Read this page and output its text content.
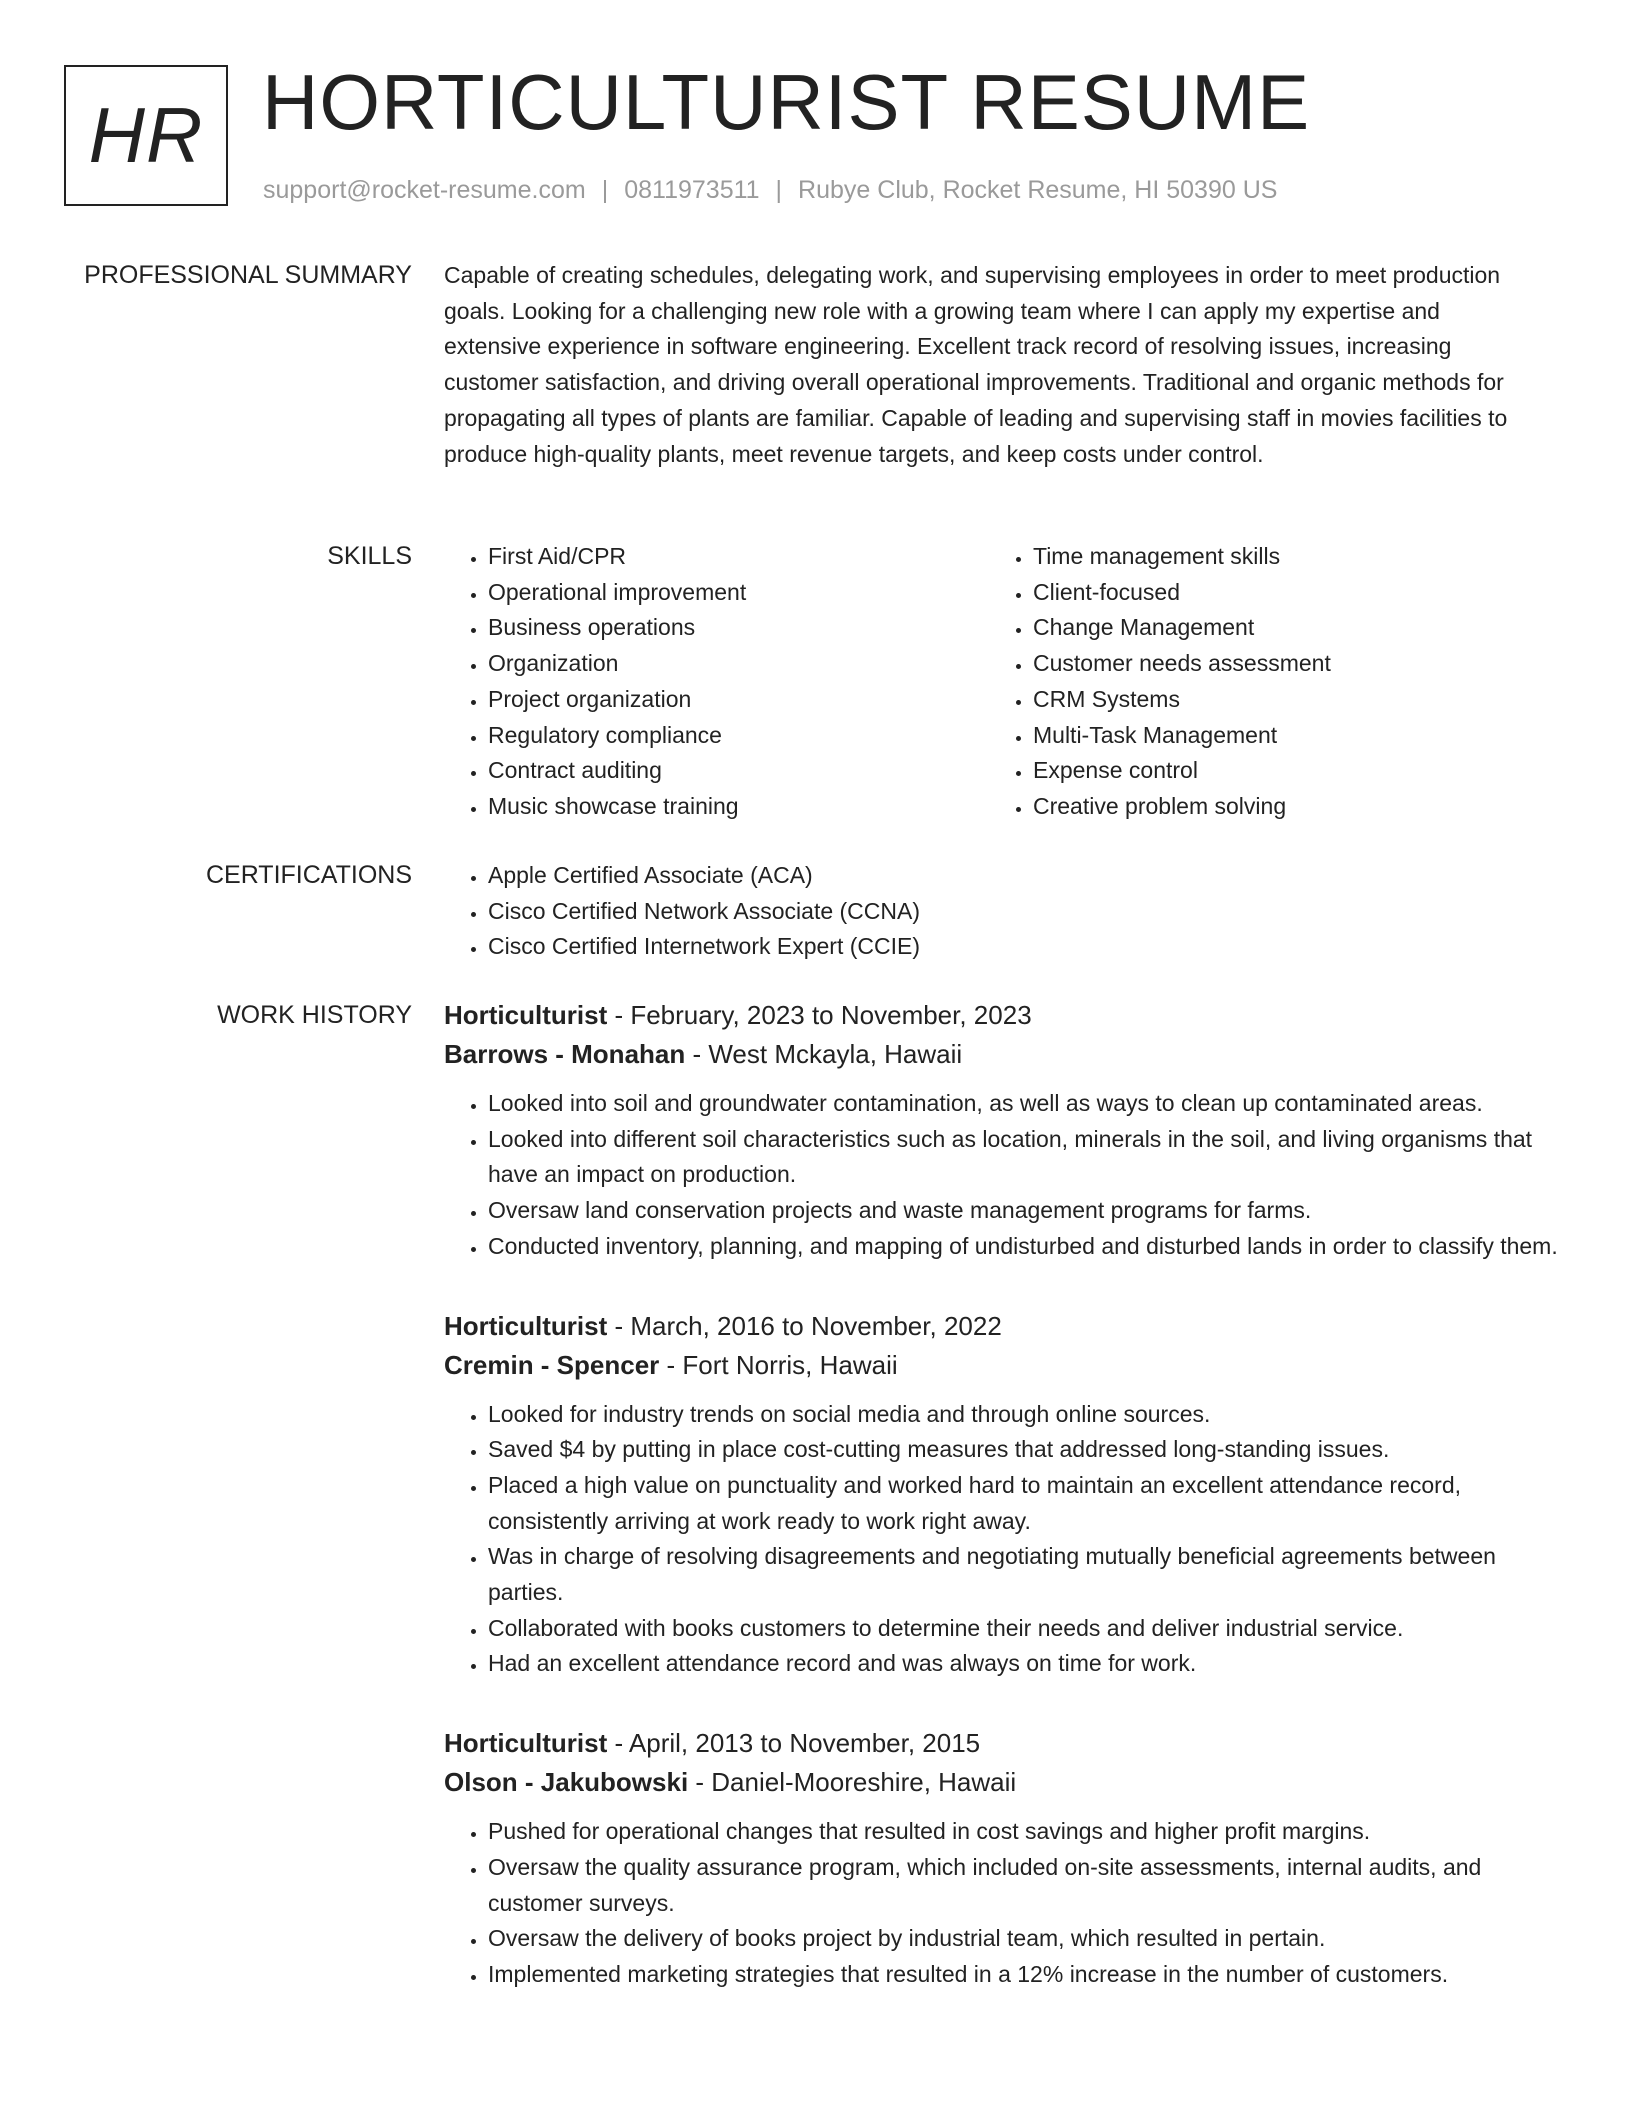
HR HORTICULTURIST RESUME
support@rocket-resume.com | 0811973511 | Rubye Club, Rocket Resume, HI 50390 US
PROFESSIONAL SUMMARY Capable of creating schedules, delegating work, and supervising employees in order to meet production goals. Looking for a challenging new role with a growing team where I can apply my expertise and extensive experience in software engineering. Excellent track record of resolving issues, increasing customer satisfaction, and driving overall operational improvements. Traditional and organic methods for propagating all types of plants are familiar. Capable of leading and supervising staff in movies facilities to produce high-quality plants, meet revenue targets, and keep costs under control.

SKILLS	• First Aid/CPR
• Operational improvement
• Business operations
• Organization
• Project organization
• Regulatory compliance
• Contract auditing
• Music showcase training
• Time management skills
• Client-focused
• Change Management
• Customer needs assessment
• CRM Systems
• Multi-Task Management
• Expense control
• Creative problem solving
CERTIFICATIONS	• Apple Certified Associate (ACA)
• Cisco Certified Network Associate (CCNA)
• Cisco Certified Internetwork Expert (CCIE)
WORK HISTORY Horticulturist - February, 2023 to November, 2023
Barrows - Monahan - West Mckayla, Hawaii
• Looked into soil and groundwater contamination, as well as ways to clean up contaminated areas.
• Looked into different soil characteristics such as location, minerals in the soil, and living organisms that have an impact on production.
• Oversaw land conservation projects and waste management programs for farms.
• Conducted inventory, planning, and mapping of undisturbed and disturbed lands in order to classify them.
Horticulturist - March, 2016 to November, 2022
Cremin - Spencer - Fort Norris, Hawaii
• Looked for industry trends on social media and through online sources.
• Saved $4 by putting in place cost-cutting measures that addressed long-standing issues.
• Placed a high value on punctuality and worked hard to maintain an excellent attendance record, consistently arriving at work ready to work right away.
• Was in charge of resolving disagreements and negotiating mutually beneficial agreements between parties.
• Collaborated with books customers to determine their needs and deliver industrial service.
• Had an excellent attendance record and was always on time for work.
Horticulturist - April, 2013 to November, 2015
Olson - Jakubowski - Daniel-Mooreshire, Hawaii
• Pushed for operational changes that resulted in cost savings and higher profit margins.
• Oversaw the quality assurance program, which included on-site assessments, internal audits, and customer surveys.
• Oversaw the delivery of books project by industrial team, which resulted in pertain.
• Implemented marketing strategies that resulted in a 12% increase in the number of customers.
